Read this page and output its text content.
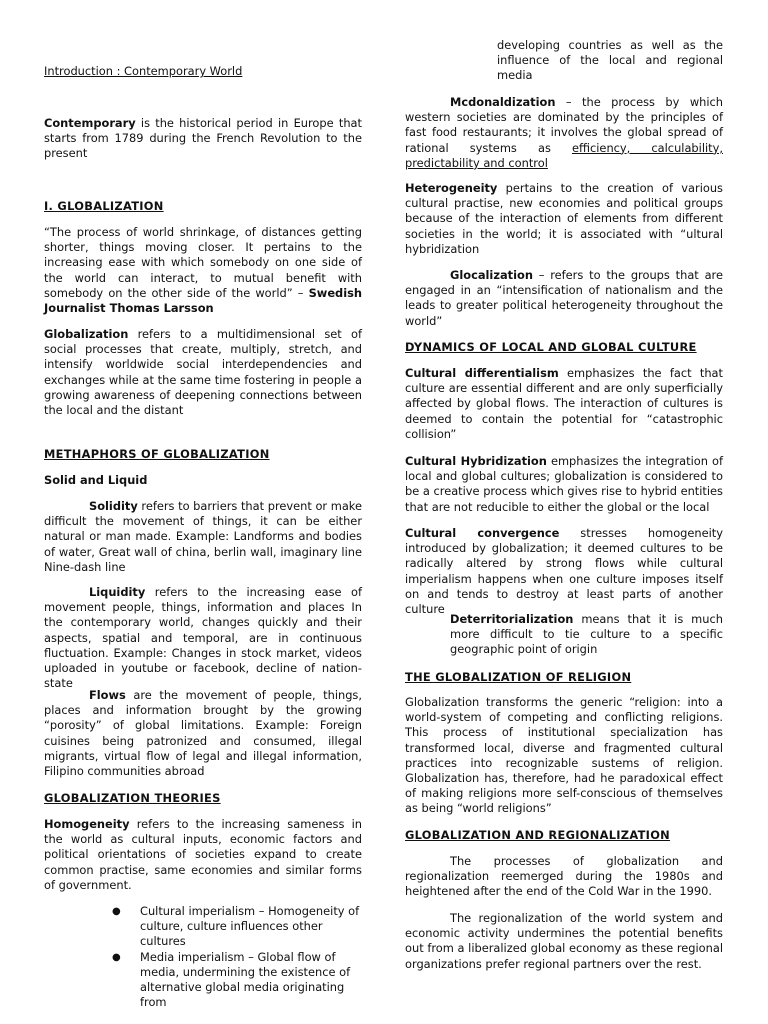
Introduction : Contemporary World

Contemporary is the historical period in Europe that starts from 1789 during the French Revolution to the present

I. GLOBALIZATION

“The process of world shrinkage, of distances getting shorter, things moving closer. It pertains to the increasing ease with which somebody on one side of the world can interact, to mutual benefit with somebody on the other side of the world” – Swedish Journalist Thomas Larsson

Globalization refers to a multidimensional set of social processes that create, multiply, stretch, and intensify worldwide social interdependencies and exchanges while at the same time fostering in people a growing awareness of deepening connections between the local and the distant

METHAPHORS OF GLOBALIZATION

Solid and Liquid

Solidity refers to barriers that prevent or make difficult the movement of things, it can be either natural or man made. Example: Landforms and bodies of water, Great wall of china, berlin wall, imaginary line Nine-dash line

Liquidity refers to the increasing ease of movement people, things, information and places In the contemporary world, changes quickly and their aspects, spatial and temporal, are in continuous fluctuation. Example: Changes in stock market, videos uploaded in youtube or facebook, decline of nation-state

Flows are the movement of people, things, places and information brought by the growing “porosity” of global limitations. Example: Foreign cuisines being patronized and consumed, illegal migrants, virtual flow of legal and illegal information, Filipino communities abroad

GLOBALIZATION THEORIES

Homogeneity refers to the increasing sameness in the world as cultural inputs, economic factors and political orientations of societies expand to create common practise, same economies and similar forms of government.

● Cultural imperialism – Homogeneity of culture, culture influences other cultures
● Media imperialism – Global flow of media, undermining the existence of alternative global media originating from

developing countries as well as the influence of the local and regional media

Mcdonaldization – the process by which western societies are dominated by the principles of fast food restaurants; it involves the global spread of rational systems as efficiency, calculability, predictability and control

Heterogeneity pertains to the creation of various cultural practise, new economies and political groups because of the interaction of elements from different societies in the world; it is associated with “ultural hybridization

Glocalization – refers to the groups that are engaged in an “intensification of nationalism and the leads to greater political heterogeneity throughout the world”

DYNAMICS OF LOCAL AND GLOBAL CULTURE

Cultural differentialism emphasizes the fact that culture are essential different and are only superficially affected by global flows. The interaction of cultures is deemed to contain the potential for “catastrophic collision”

Cultural Hybridization emphasizes the integration of local and global cultures; globalization is considered to be a creative process which gives rise to hybrid entities that are not reducible to either the global or the local

Cultural convergence stresses homogeneity introduced by globalization; it deemed cultures to be radically altered by strong flows while cultural imperialism happens when one culture imposes itself on and tends to destroy at least parts of another culture

Deterritorialization means that it is much more difficult to tie culture to a specific geographic point of origin

THE GLOBALIZATION OF RELIGION

Globalization transforms the generic “religion: into a world-system of competing and conflicting religions. This process of institutional specialization has transformed local, diverse and fragmented cultural practices into recognizable sustems of religion. Globalization has, therefore, had he paradoxical effect of making religions more self-conscious of themselves as being “world religions”

GLOBALIZATION AND REGIONALIZATION

The processes of globalization and regionalization reemerged during the 1980s and heightened after the end of the Cold War in the 1990.

The regionalization of the world system and economic activity undermines the potential benefits out from a liberalized global economy as these regional organizations prefer regional partners over the rest.
